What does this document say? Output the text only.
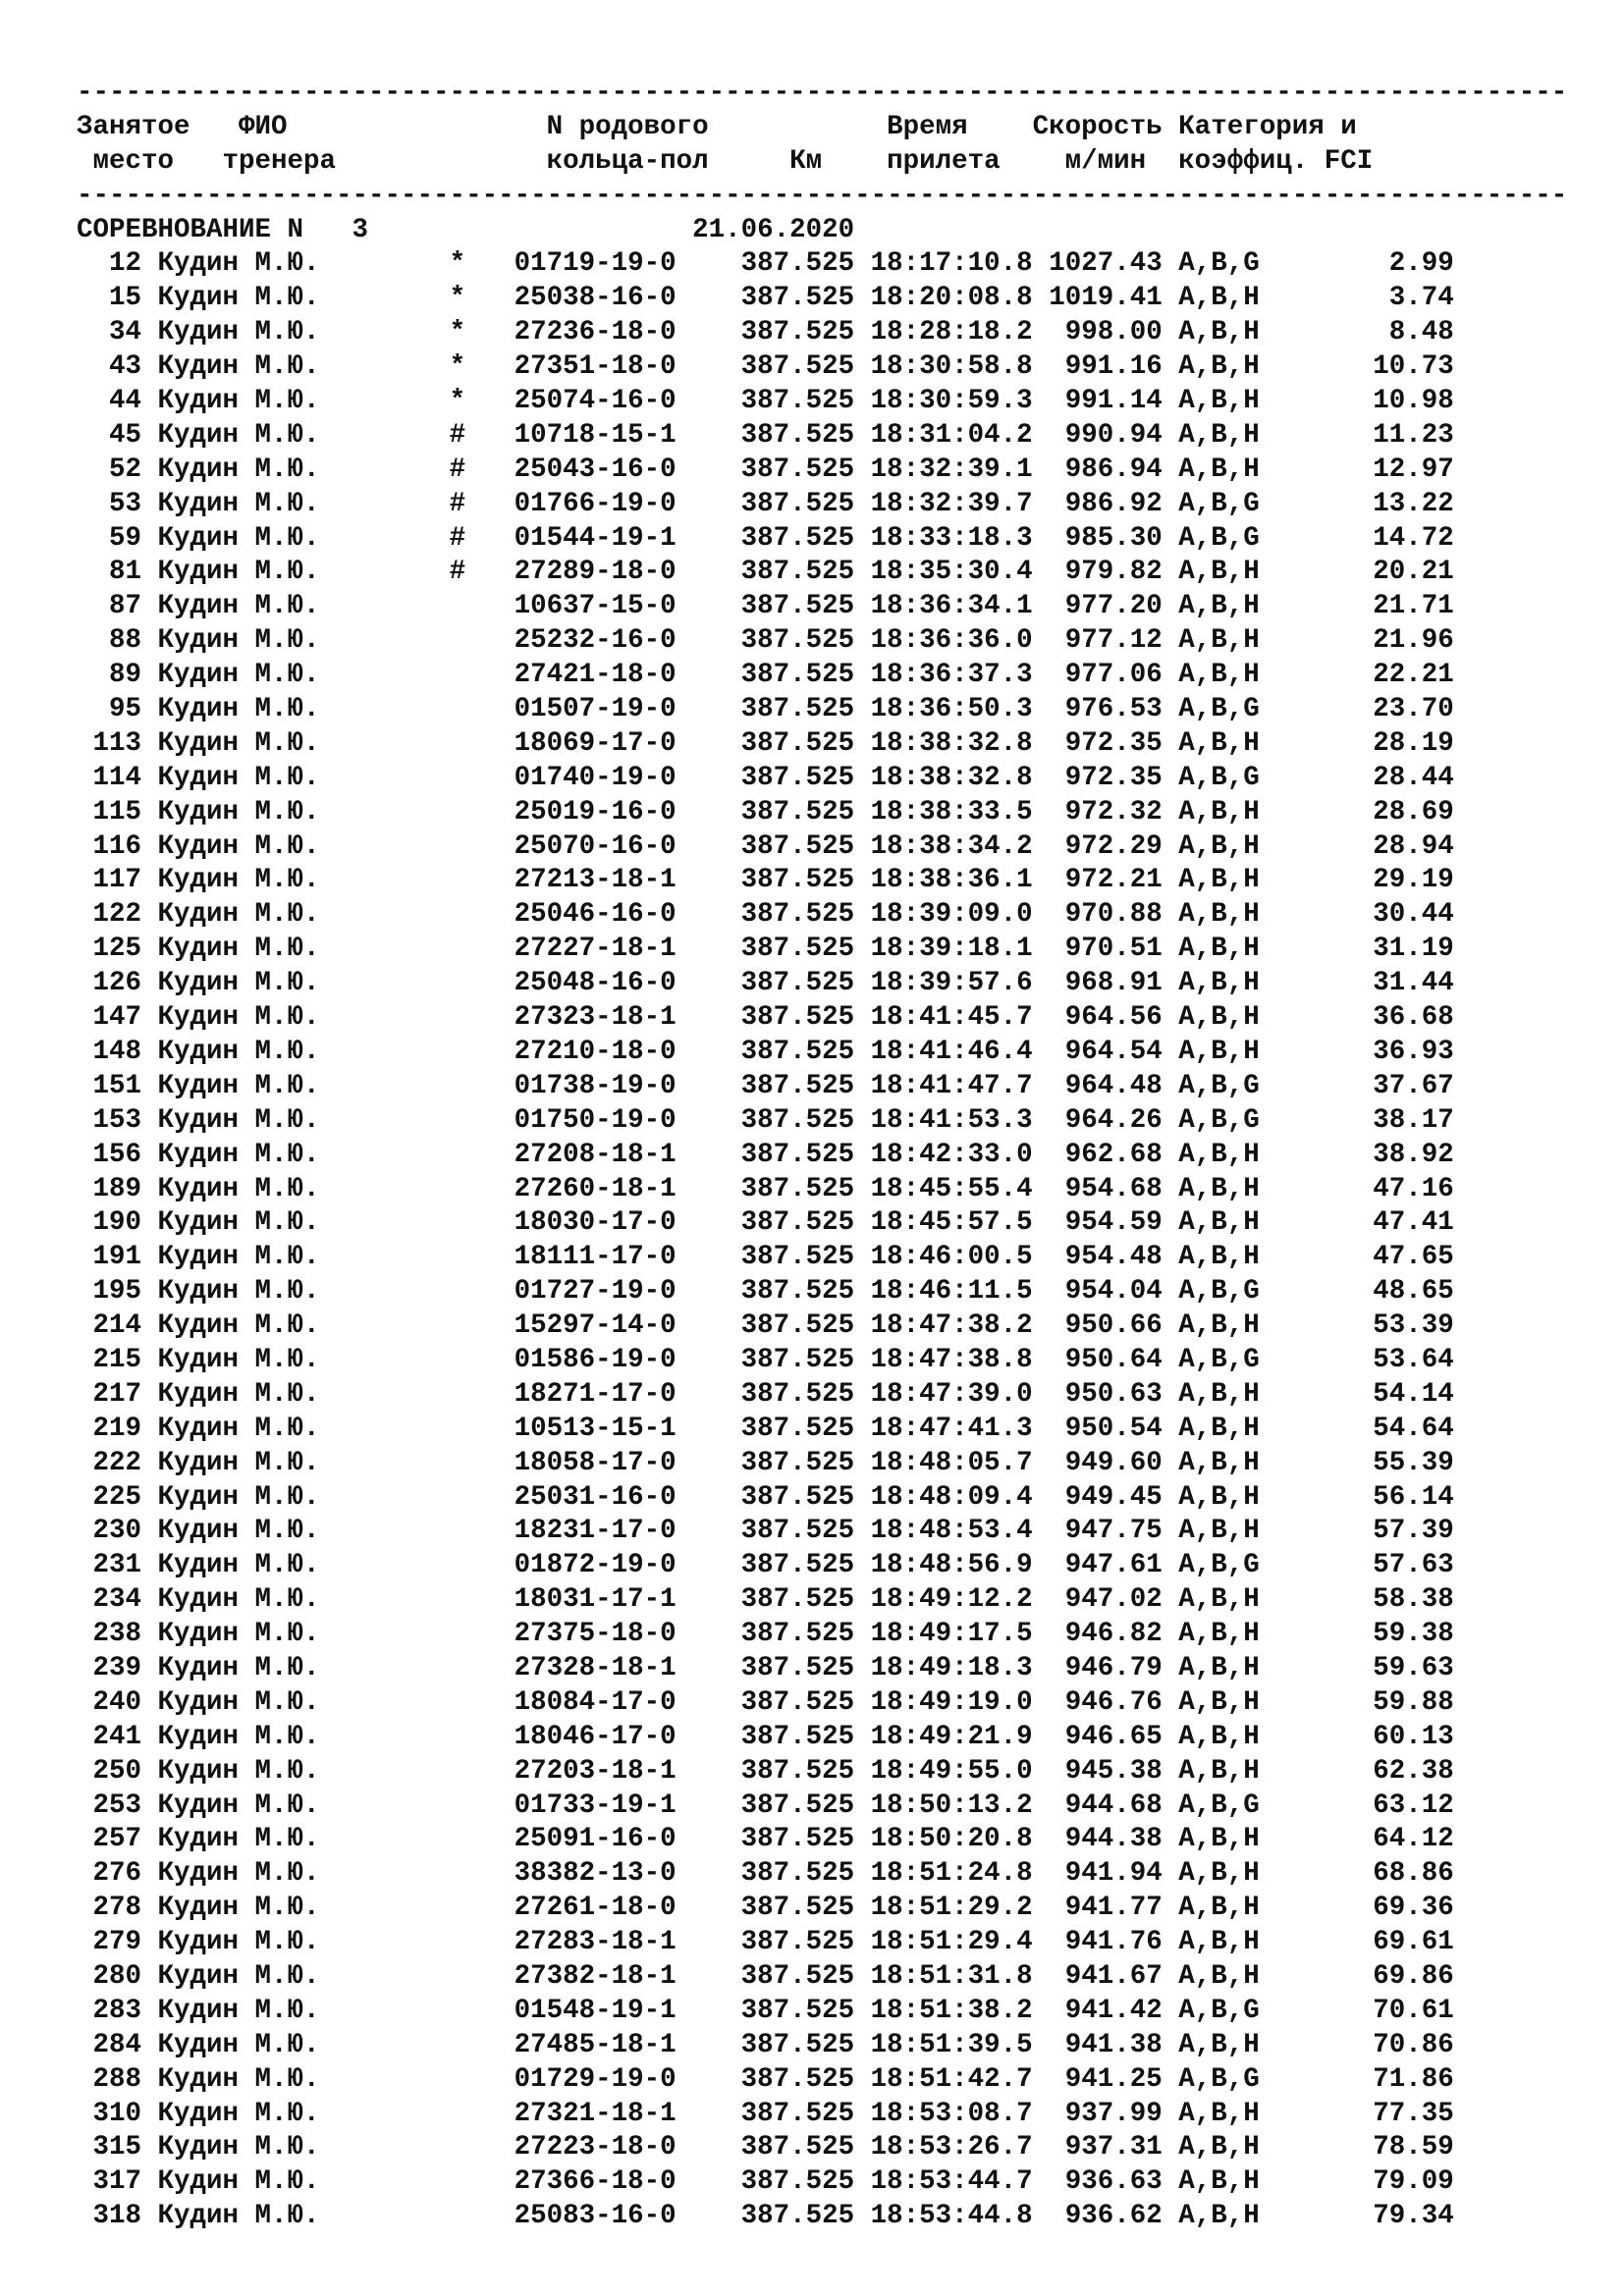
--------------------------------------------------------------------------------------------
Занятое   ФИО                N родового           Время    Скорость Категория и
место   тренера             кольца-пол     Км    прилета    м/мин  коэффиц. FCI
--------------------------------------------------------------------------------------------
СОРЕВНОВАНИЕ N   3	21.06.2020
12 Кудин М.Ю.        *   01719-19-0    387.525 18:17:10.8 1027.43 A,B,G        2.99
15 Кудин М.Ю.        *   25038-16-0    387.525 18:20:08.8 1019.41 A,B,H        3.74
34 Кудин М.Ю.        *   27236-18-0    387.525 18:28:18.2  998.00 A,B,H        8.48
43 Кудин М.Ю.        *   27351-18-0    387.525 18:30:58.8  991.16 A,B,H       10.73
44 Кудин М.Ю.        *   25074-16-0    387.525 18:30:59.3  991.14 A,B,H       10.98
45 Кудин М.Ю.        #   10718-15-1    387.525 18:31:04.2  990.94 A,B,H       11.23
52 Кудин М.Ю.        #   25043-16-0    387.525 18:32:39.1  986.94 A,B,H       12.97
53 Кудин М.Ю.        #   01766-19-0    387.525 18:32:39.7  986.92 A,B,G       13.22
59 Кудин М.Ю.        #   01544-19-1    387.525 18:33:18.3  985.30 A,B,G       14.72
81 Кудин М.Ю.        #   27289-18-0    387.525 18:35:30.4  979.82 A,B,H       20.21
87 Кудин М.Ю.            10637-15-0    387.525 18:36:34.1  977.20 A,B,H       21.71
88 Кудин М.Ю.            25232-16-0    387.525 18:36:36.0  977.12 A,B,H       21.96
89 Кудин М.Ю.            27421-18-0    387.525 18:36:37.3  977.06 A,B,H       22.21
95 Кудин М.Ю.            01507-19-0    387.525 18:36:50.3  976.53 A,B,G       23.70
113 Кудин М.Ю.            18069-17-0    387.525 18:38:32.8  972.35 A,B,H       28.19
114 Кудин М.Ю.            01740-19-0    387.525 18:38:32.8  972.35 A,B,G       28.44
115 Кудин М.Ю.            25019-16-0    387.525 18:38:33.5  972.32 A,B,H       28.69
116 Кудин М.Ю.            25070-16-0    387.525 18:38:34.2  972.29 A,B,H       28.94
117 Кудин М.Ю.            27213-18-1    387.525 18:38:36.1  972.21 A,B,H       29.19
122 Кудин М.Ю.            25046-16-0    387.525 18:39:09.0  970.88 A,B,H       30.44
125 Кудин М.Ю.            27227-18-1    387.525 18:39:18.1  970.51 A,B,H       31.19
126 Кудин М.Ю.            25048-16-0    387.525 18:39:57.6  968.91 A,B,H       31.44
147 Кудин М.Ю.            27323-18-1    387.525 18:41:45.7  964.56 A,B,H       36.68
148 Кудин М.Ю.            27210-18-0    387.525 18:41:46.4  964.54 A,B,H       36.93
151 Кудин М.Ю.            01738-19-0    387.525 18:41:47.7  964.48 A,B,G       37.67
153 Кудин М.Ю.            01750-19-0    387.525 18:41:53.3  964.26 A,B,G       38.17
156 Кудин М.Ю.            27208-18-1    387.525 18:42:33.0  962.68 A,B,H       38.92
189 Кудин М.Ю.            27260-18-1    387.525 18:45:55.4  954.68 A,B,H       47.16
190 Кудин М.Ю.            18030-17-0    387.525 18:45:57.5  954.59 A,B,H       47.41
191 Кудин М.Ю.            18111-17-0    387.525 18:46:00.5  954.48 A,B,H       47.65
195 Кудин М.Ю.            01727-19-0    387.525 18:46:11.5  954.04 A,B,G       48.65
214 Кудин М.Ю.            15297-14-0    387.525 18:47:38.2  950.66 A,B,H       53.39
215 Кудин М.Ю.            01586-19-0    387.525 18:47:38.8  950.64 A,B,G       53.64
217 Кудин М.Ю.            18271-17-0    387.525 18:47:39.0  950.63 A,B,H       54.14
219 Кудин М.Ю.            10513-15-1    387.525 18:47:41.3  950.54 A,B,H       54.64
222 Кудин М.Ю.            18058-17-0    387.525 18:48:05.7  949.60 A,B,H       55.39
225 Кудин М.Ю.            25031-16-0    387.525 18:48:09.4  949.45 A,B,H       56.14
230 Кудин М.Ю.            18231-17-0    387.525 18:48:53.4  947.75 A,B,H       57.39
231 Кудин М.Ю.            01872-19-0    387.525 18:48:56.9  947.61 A,B,G       57.63
234 Кудин М.Ю.            18031-17-1    387.525 18:49:12.2  947.02 A,B,H       58.38
238 Кудин М.Ю.            27375-18-0    387.525 18:49:17.5  946.82 A,B,H       59.38
239 Кудин М.Ю.            27328-18-1    387.525 18:49:18.3  946.79 A,B,H       59.63
240 Кудин М.Ю.            18084-17-0    387.525 18:49:19.0  946.76 A,B,H       59.88
241 Кудин М.Ю.            18046-17-0    387.525 18:49:21.9  946.65 A,B,H       60.13
250 Кудин М.Ю.            27203-18-1    387.525 18:49:55.0  945.38 A,B,H       62.38
253 Кудин М.Ю.            01733-19-1    387.525 18:50:13.2  944.68 A,B,G       63.12
257 Кудин М.Ю.            25091-16-0    387.525 18:50:20.8  944.38 A,B,H       64.12
276 Кудин М.Ю.            38382-13-0    387.525 18:51:24.8  941.94 A,B,H       68.86
278 Кудин М.Ю.            27261-18-0    387.525 18:51:29.2  941.77 A,B,H       69.36
279 Кудин М.Ю.            27283-18-1    387.525 18:51:29.4  941.76 A,B,H       69.61
280 Кудин М.Ю.            27382-18-1    387.525 18:51:31.8  941.67 A,B,H       69.86
283 Кудин М.Ю.            01548-19-1    387.525 18:51:38.2  941.42 A,B,G       70.61
284 Кудин М.Ю.            27485-18-1    387.525 18:51:39.5  941.38 A,B,H       70.86
288 Кудин М.Ю.            01729-19-0    387.525 18:51:42.7  941.25 A,B,G       71.86
310 Кудин М.Ю.            27321-18-1    387.525 18:53:08.7  937.99 A,B,H       77.35
315 Кудин М.Ю.            27223-18-0    387.525 18:53:26.7  937.31 A,B,H       78.59
317 Кудин М.Ю.            27366-18-0    387.525 18:53:44.7  936.63 A,B,H       79.09
318 Кудин М.Ю.            25083-16-0    387.525 18:53:44.8  936.62 A,B,H       79.34
